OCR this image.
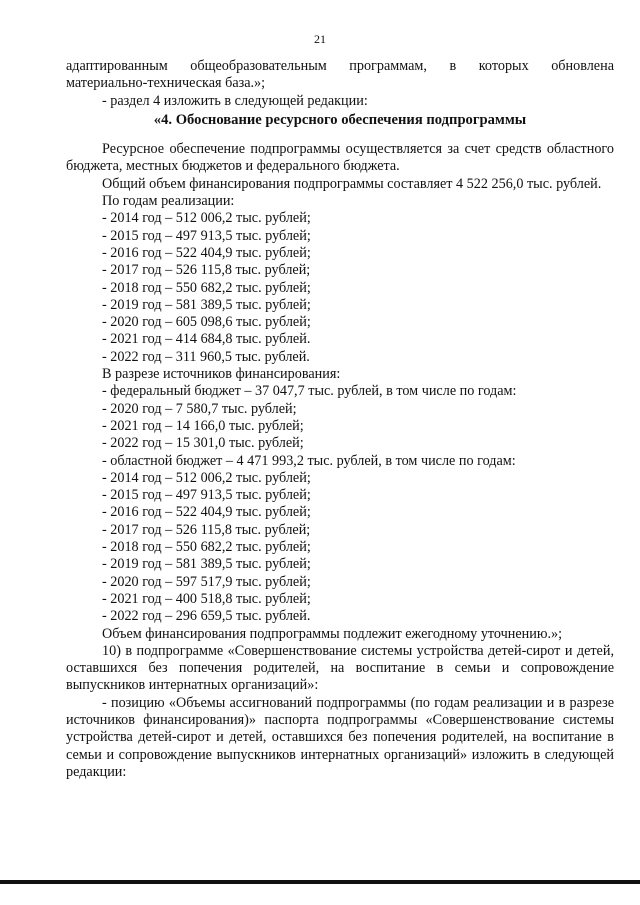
21

адаптированным общеобразовательным программам, в которых обновлена

материально-техническая база.»;

- раздел 4 изложить в следующей редакции:

«4. Обоснование ресурсного обеспечения подпрограммы

Ресурсное обеспечение подпрограммы осуществляется за счет средств областного бюджета, местных бюджетов и федерального бюджета.

Общий объем финансирования подпрограммы составляет 4 522 256,0 тыс. рублей.

По годам реализации:

- 2014 год – 512 006,2 тыс. рублей;
- 2015 год – 497 913,5 тыс. рублей;
- 2016 год – 522 404,9 тыс. рублей;
- 2017 год – 526 115,8 тыс. рублей;
- 2018 год – 550 682,2 тыс. рублей;
- 2019 год – 581 389,5 тыс. рублей;
- 2020 год – 605 098,6 тыс. рублей;
- 2021 год – 414 684,8 тыс. рублей.
- 2022 год – 311 960,5 тыс. рублей.

В разрезе источников финансирования:

- федеральный бюджет – 37 047,7 тыс. рублей, в том числе по годам:
- 2020 год – 7 580,7 тыс. рублей;
- 2021 год – 14 166,0 тыс. рублей;
- 2022 год – 15 301,0 тыс. рублей;
- областной бюджет – 4 471 993,2 тыс. рублей, в том числе по годам:
- 2014 год – 512 006,2 тыс. рублей;
- 2015 год – 497 913,5 тыс. рублей;
- 2016 год – 522 404,9 тыс. рублей;
- 2017 год – 526 115,8 тыс. рублей;
- 2018 год – 550 682,2 тыс. рублей;
- 2019 год – 581 389,5 тыс. рублей;
- 2020 год – 597 517,9 тыс. рублей;
- 2021 год – 400 518,8 тыс. рублей;
- 2022 год – 296 659,5 тыс. рублей.

Объем финансирования подпрограммы подлежит ежегодному уточнению.»;

10) в подпрограмме «Совершенствование системы устройства детей-сирот и детей, оставшихся без попечения родителей, на воспитание в семьи и сопровождение выпускников интернатных организаций»:

- позицию «Объемы ассигнований подпрограммы (по годам реализации и в разрезе источников финансирования)» паспорта подпрограммы «Совершенствование системы устройства детей-сирот и детей, оставшихся без попечения родителей, на воспитание в семьи и сопровождение выпускников интернатных организаций» изложить в следующей редакции:
